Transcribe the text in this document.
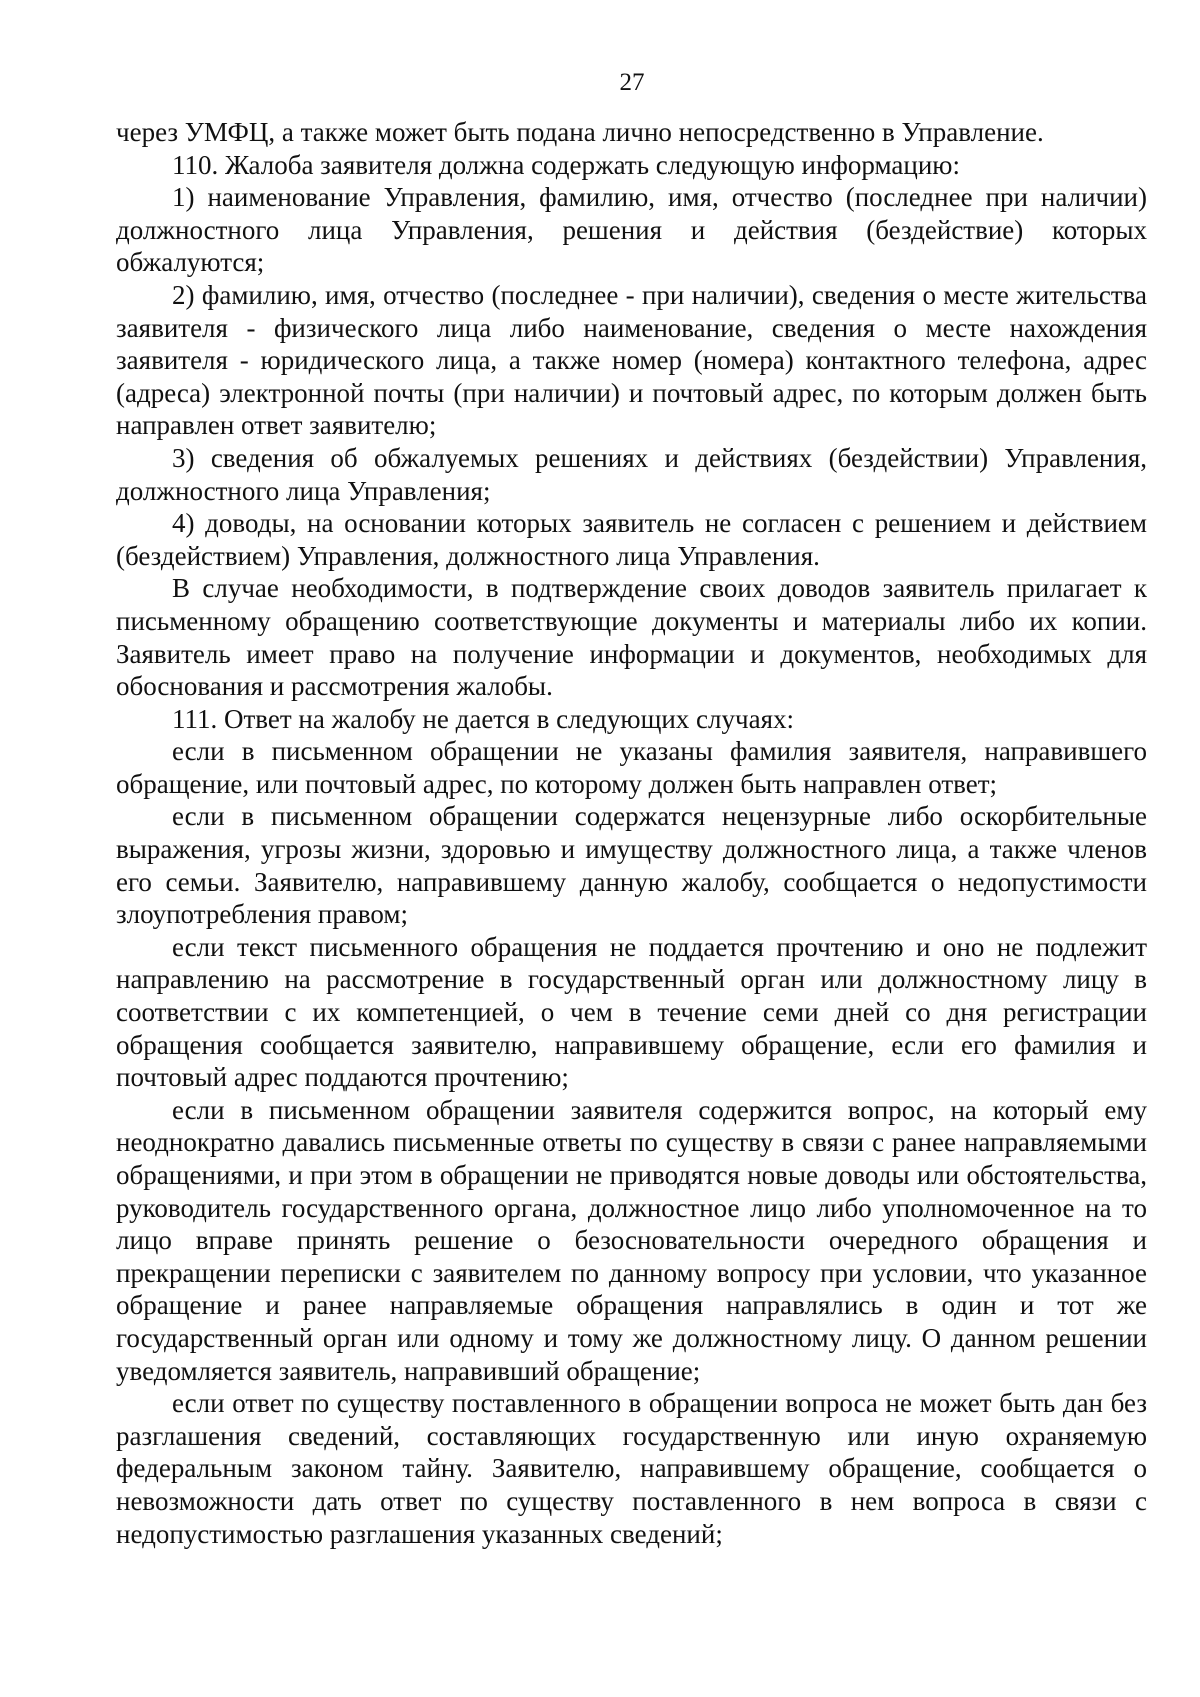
27

через УМФЦ, а также может быть подана лично непосредственно в Управление.

110. Жалоба заявителя должна содержать следующую информацию:

1) наименование Управления, фамилию, имя, отчество (последнее при наличии) должностного лица Управления, решения и действия (бездействие) которых обжалуются;

2) фамилию, имя, отчество (последнее - при наличии), сведения о месте жительства заявителя - физического лица либо наименование, сведения о месте нахождения заявителя - юридического лица, а также номер (номера) контактного телефона, адрес (адреса) электронной почты (при наличии) и почтовый адрес, по которым должен быть направлен ответ заявителю;

3) сведения об обжалуемых решениях и действиях (бездействии) Управления, должностного лица Управления;

4) доводы, на основании которых заявитель не согласен с решением и действием (бездействием) Управления, должностного лица Управления.

В случае необходимости, в подтверждение своих доводов заявитель прилагает к письменному обращению соответствующие документы и материалы либо их копии. Заявитель имеет право на получение информации и документов, необходимых для обоснования и рассмотрения жалобы.

111. Ответ на жалобу не дается в следующих случаях:

если в письменном обращении не указаны фамилия заявителя, направившего обращение, или почтовый адрес, по которому должен быть направлен ответ;

если в письменном обращении содержатся нецензурные либо оскорбительные выражения, угрозы жизни, здоровью и имуществу должностного лица, а также членов его семьи. Заявителю, направившему данную жалобу, сообщается о недопустимости злоупотребления правом;

если текст письменного обращения не поддается прочтению и оно не подлежит направлению на рассмотрение в государственный орган или должностному лицу в соответствии с их компетенцией, о чем в течение семи дней со дня регистрации обращения сообщается заявителю, направившему обращение, если его фамилия и почтовый адрес поддаются прочтению;

если в письменном обращении заявителя содержится вопрос, на который ему неоднократно давались письменные ответы по существу в связи с ранее направляемыми обращениями, и при этом в обращении не приводятся новые доводы или обстоятельства, руководитель государственного органа, должностное лицо либо уполномоченное на то лицо вправе принять решение о безосновательности очередного обращения и прекращении переписки с заявителем по данному вопросу при условии, что указанное обращение и ранее направляемые обращения направлялись в один и тот же государственный орган или одному и тому же должностному лицу. О данном решении уведомляется заявитель, направивший обращение;

если ответ по существу поставленного в обращении вопроса не может быть дан без разглашения сведений, составляющих государственную или иную охраняемую федеральным законом тайну. Заявителю, направившему обращение, сообщается о невозможности дать ответ по существу поставленного в нем вопроса в связи с недопустимостью разглашения указанных сведений;
